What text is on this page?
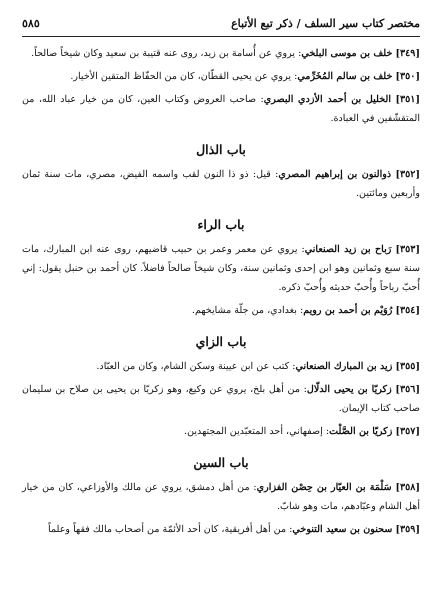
مختصر كتاب سير السلف / ذكر تبع الأتباع
٥٨٥

[٣٤٩] خلف بن موسى البلخي: يروي عن أُسامة بن زيد، روى عنه قتيبة بن سعيد وكان شيخاً صالحاً.

[٣٥٠] خلف بن سالم المُخَرِّمي: يروي عن يحيى القطّان، كان من الحفّاظ المتقين الأخيار.

[٣٥١] الخليل بن أحمد الأزدي البصري: صاحب العروض وكتاب العين، كان من خيار عباد الله، من المتقشّفين في العبادة.

باب الذال

[٣٥٢] ذوالنون بن إبراهيم المصري: قيل: ذو ذا النون لقب واسمه الفيض، مصري، مات سنة ثمان وأربعين ومائتين.

باب الراء

[٣٥٣] رَباح بن زيد الصنعاني: يروي عن معمر وعمر بن حبيب قاضيهم، روى عنه ابن المبارك، مات سنة سبع وثمانين وهو ابن إحدى وثمانين سنة، وكان شيخاً صالحاً فاضلاً. كان أحمد بن حنبل يقول: إني أُحبّ رباحاً وأُحبّ حديثه وأُحبّ ذكره.

[٣٥٤] رُوَيْم بن أحمد بن رويم: بغدادي، من جلّة مشايخهم.

باب الزاي

[٣٥٥] زيد بن المبارك الصنعاني: كتب عن ابن عيينة وسكن الشام، وكان من العبّاد.

[٣٥٦] زكريّا بن يحيى الدلّال: من أهل بلخ، يروي عن وكيع، وهو زكريّا بن يحيى بن صلاح بن سليمان صاحب كتاب الإيمان.

[٣٥٧] زكريّا بن الصَّلْت: إصفهاني، أحد المتعبّدين المجتهدين.

باب السين

[٣٥٨] سَلْمَة بن العيّار بن حِصْن الفزاري: من أهل دمشق، يروي عن مالك والأوزاعي، كان من خيار أهل الشام وعبّادهم، مات وهو شابّ.

[٣٥٩] سحنون بن سعيد التنوخي: من أهل أفريقية، كان أحد الأئمّة من أصحاب مالك فقهاً وعلماً
